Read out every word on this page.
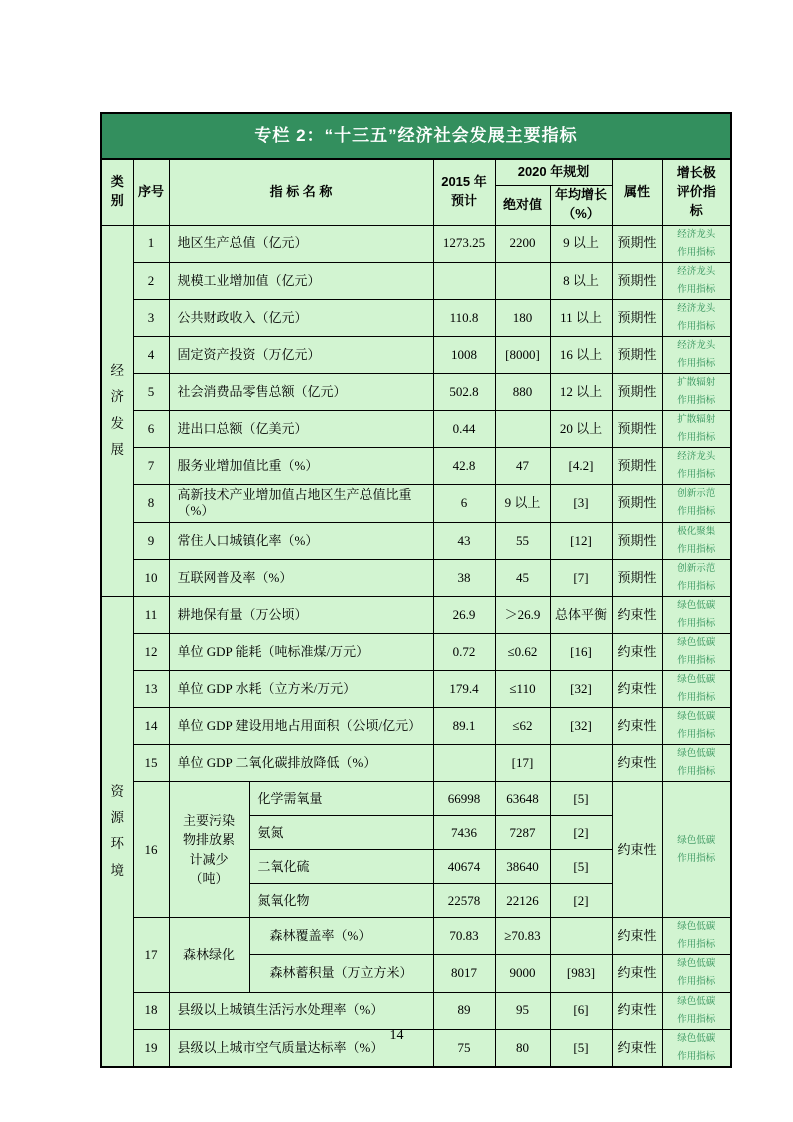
专栏 2：“十三五”经济社会发展主要指标								
类别	序号	指 标 名 称		2015 年预计	2020 年规划		属性	增长极评价指标
					绝对值	年均增长（%）		
经济发展	1	地区生产总值（亿元）		1273.25	2200	9 以上	预期性	经济龙头作用指标
	2	规模工业增加值（亿元）				8 以上	预期性	经济龙头作用指标
	3	公共财政收入（亿元）		110.8	180	11 以上	预期性	经济龙头作用指标
	4	固定资产投资（万亿元）		1008	[8000]	16 以上	预期性	经济龙头作用指标
	5	社会消费品零售总额（亿元）		502.8	880	12 以上	预期性	扩散辐射作用指标
	6	进出口总额（亿美元）		0.44		20 以上	预期性	扩散辐射作用指标
	7	服务业增加值比重（%）		42.8	47	[4.2]	预期性	经济龙头作用指标
	8	高新技术产业增加值占地区生产总值比重（%）		6	9 以上	[3]	预期性	创新示范作用指标
	9	常住人口城镇化率（%）		43	55	[12]	预期性	极化聚集作用指标
	10	互联网普及率（%）		38	45	[7]	预期性	创新示范作用指标
资源环境	11	耕地保有量（万公顷）		26.9	＞26.9	总体平衡	约束性	绿色低碳作用指标
	12	单位 GDP 能耗（吨标准煤/万元）		0.72	≤0.62	[16]	约束性	绿色低碳作用指标
	13	单位 GDP 水耗（立方米/万元）		179.4	≤110	[32]	约束性	绿色低碳作用指标
	14	单位 GDP 建设用地占用面积（公顷/亿元）		89.1	≤62	[32]	约束性	绿色低碳作用指标
	15	单位 GDP 二氧化碳排放降低（%）			[17]		约束性	绿色低碳作用指标
	16	主要污染物排放累计减少（吨）	化学需氧量	66998	63648	[5]	约束性	绿色低碳作用指标
			氨氮	7436	7287	[2]		
			二氧化硫	40674	38640	[5]		
			氮氧化物	22578	22126	[2]		
	17	森林绿化	森林覆盖率（%）	70.83	≥70.83		约束性	绿色低碳作用指标
			森林蓄积量（万立方米）	8017	9000	[983]	约束性	绿色低碳作用指标
	18	县级以上城镇生活污水处理率（%）		89	95	[6]	约束性	绿色低碳作用指标
	19	县级以上城市空气质量达标率（%）		75	80	[5]	约束性	绿色低碳作用指标
14
